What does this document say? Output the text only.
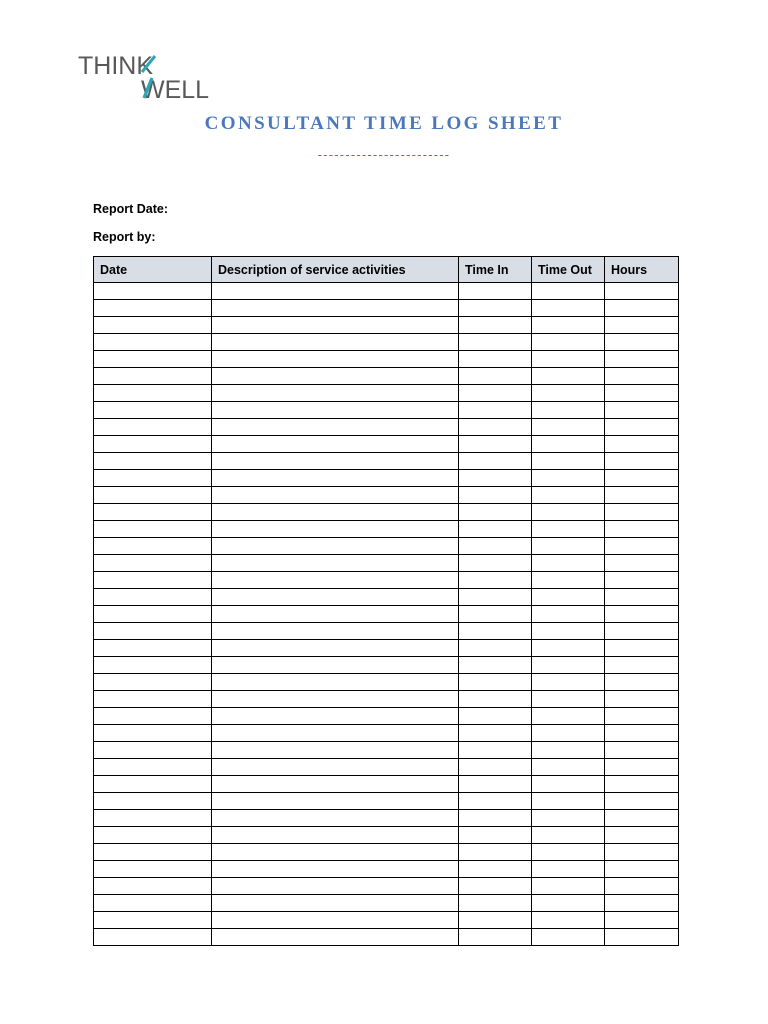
THINK
WELL
CONSULTANT TIME LOG SHEET
------------------------
Report Date:
Report by:
Date	Description of service activities	Time In	Time Out	Hours
